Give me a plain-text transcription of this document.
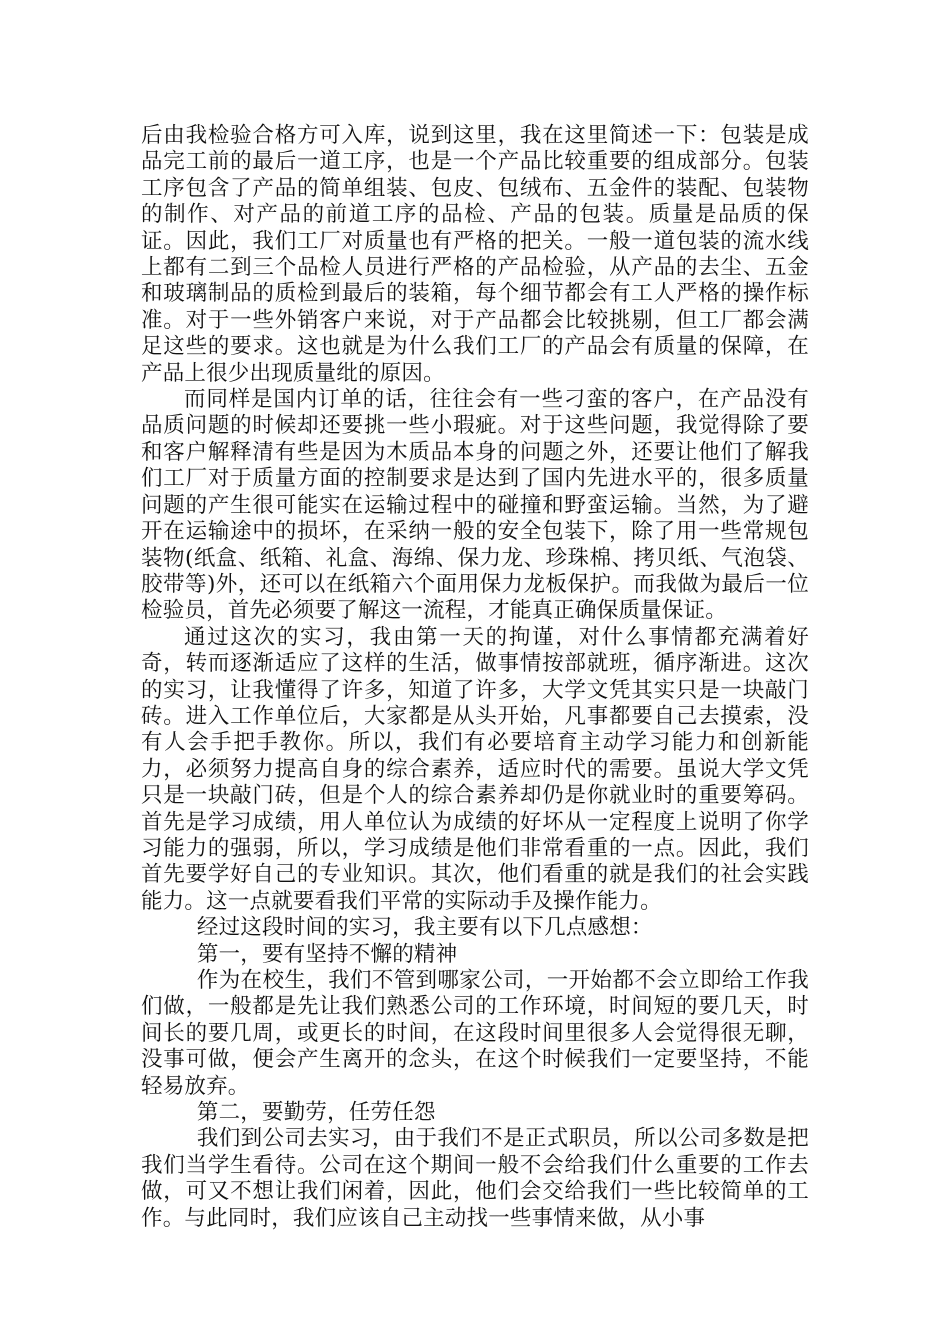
后由我检验合格方可入库，说到这里，我在这里简述一下：包装是成品完工前的最后一道工序，也是一个产品比较重要的组成部分。包装工序包含了产品的简单组装、包皮、包绒布、五金件的装配、包装物的制作、对产品的前道工序的品检、产品的包装。质量是品质的保证。因此，我们工厂对质量也有严格的把关。一般一道包装的流水线上都有二到三个品检人员进行严格的产品检验，从产品的去尘、五金和玻璃制品的质检到最后的装箱，每个细节都会有工人严格的操作标准。对于一些外销客户来说，对于产品都会比较挑剔，但工厂都会满足这些的要求。这也就是为什么我们工厂的产品会有质量的保障，在产品上很少出现质量纰的原因。

而同样是国内订单的话，往往会有一些刁蛮的客户，在产品没有品质问题的时候却还要挑一些小瑕疵。对于这些问题，我觉得除了要和客户解释清有些是因为木质品本身的问题之外，还要让他们了解我们工厂对于质量方面的控制要求是达到了国内先进水平的，很多质量问题的产生很可能实在运输过程中的碰撞和野蛮运输。当然，为了避开在运输途中的损坏，在采纳一般的安全包装下，除了用一些常规包装物(纸盒、纸箱、礼盒、海绵、保力龙、珍珠棉、拷贝纸、气泡袋、胶带等)外，还可以在纸箱六个面用保力龙板保护。而我做为最后一位检验员，首先必须要了解这一流程，才能真正确保质量保证。

通过这次的实习，我由第一天的拘谨，对什么事情都充满着好奇，转而逐渐适应了这样的生活，做事情按部就班，循序渐进。这次的实习，让我懂得了许多，知道了许多，大学文凭其实只是一块敲门砖。进入工作单位后，大家都是从头开始，凡事都要自己去摸索，没有人会手把手教你。所以，我们有必要培育主动学习能力和创新能力，必须努力提高自身的综合素养，适应时代的需要。虽说大学文凭只是一块敲门砖，但是个人的综合素养却仍是你就业时的重要筹码。首先是学习成绩，用人单位认为成绩的好坏从一定程度上说明了你学习能力的强弱，所以，学习成绩是他们非常看重的一点。因此，我们首先要学好自己的专业知识。其次，他们看重的就是我们的社会实践能力。这一点就要看我们平常的实际动手及操作能力。

经过这段时间的实习，我主要有以下几点感想：

第一，要有坚持不懈的精神

作为在校生，我们不管到哪家公司，一开始都不会立即给工作我们做，一般都是先让我们熟悉公司的工作环境，时间短的要几天，时间长的要几周，或更长的时间，在这段时间里很多人会觉得很无聊，没事可做，便会产生离开的念头，在这个时候我们一定要坚持，不能轻易放弃。

第二，要勤劳，任劳任怨

我们到公司去实习，由于我们不是正式职员，所以公司多数是把我们当学生看待。公司在这个期间一般不会给我们什么重要的工作去做，可又不想让我们闲着，因此，他们会交给我们一些比较简单的工作。与此同时，我们应该自己主动找一些事情来做，从小事
